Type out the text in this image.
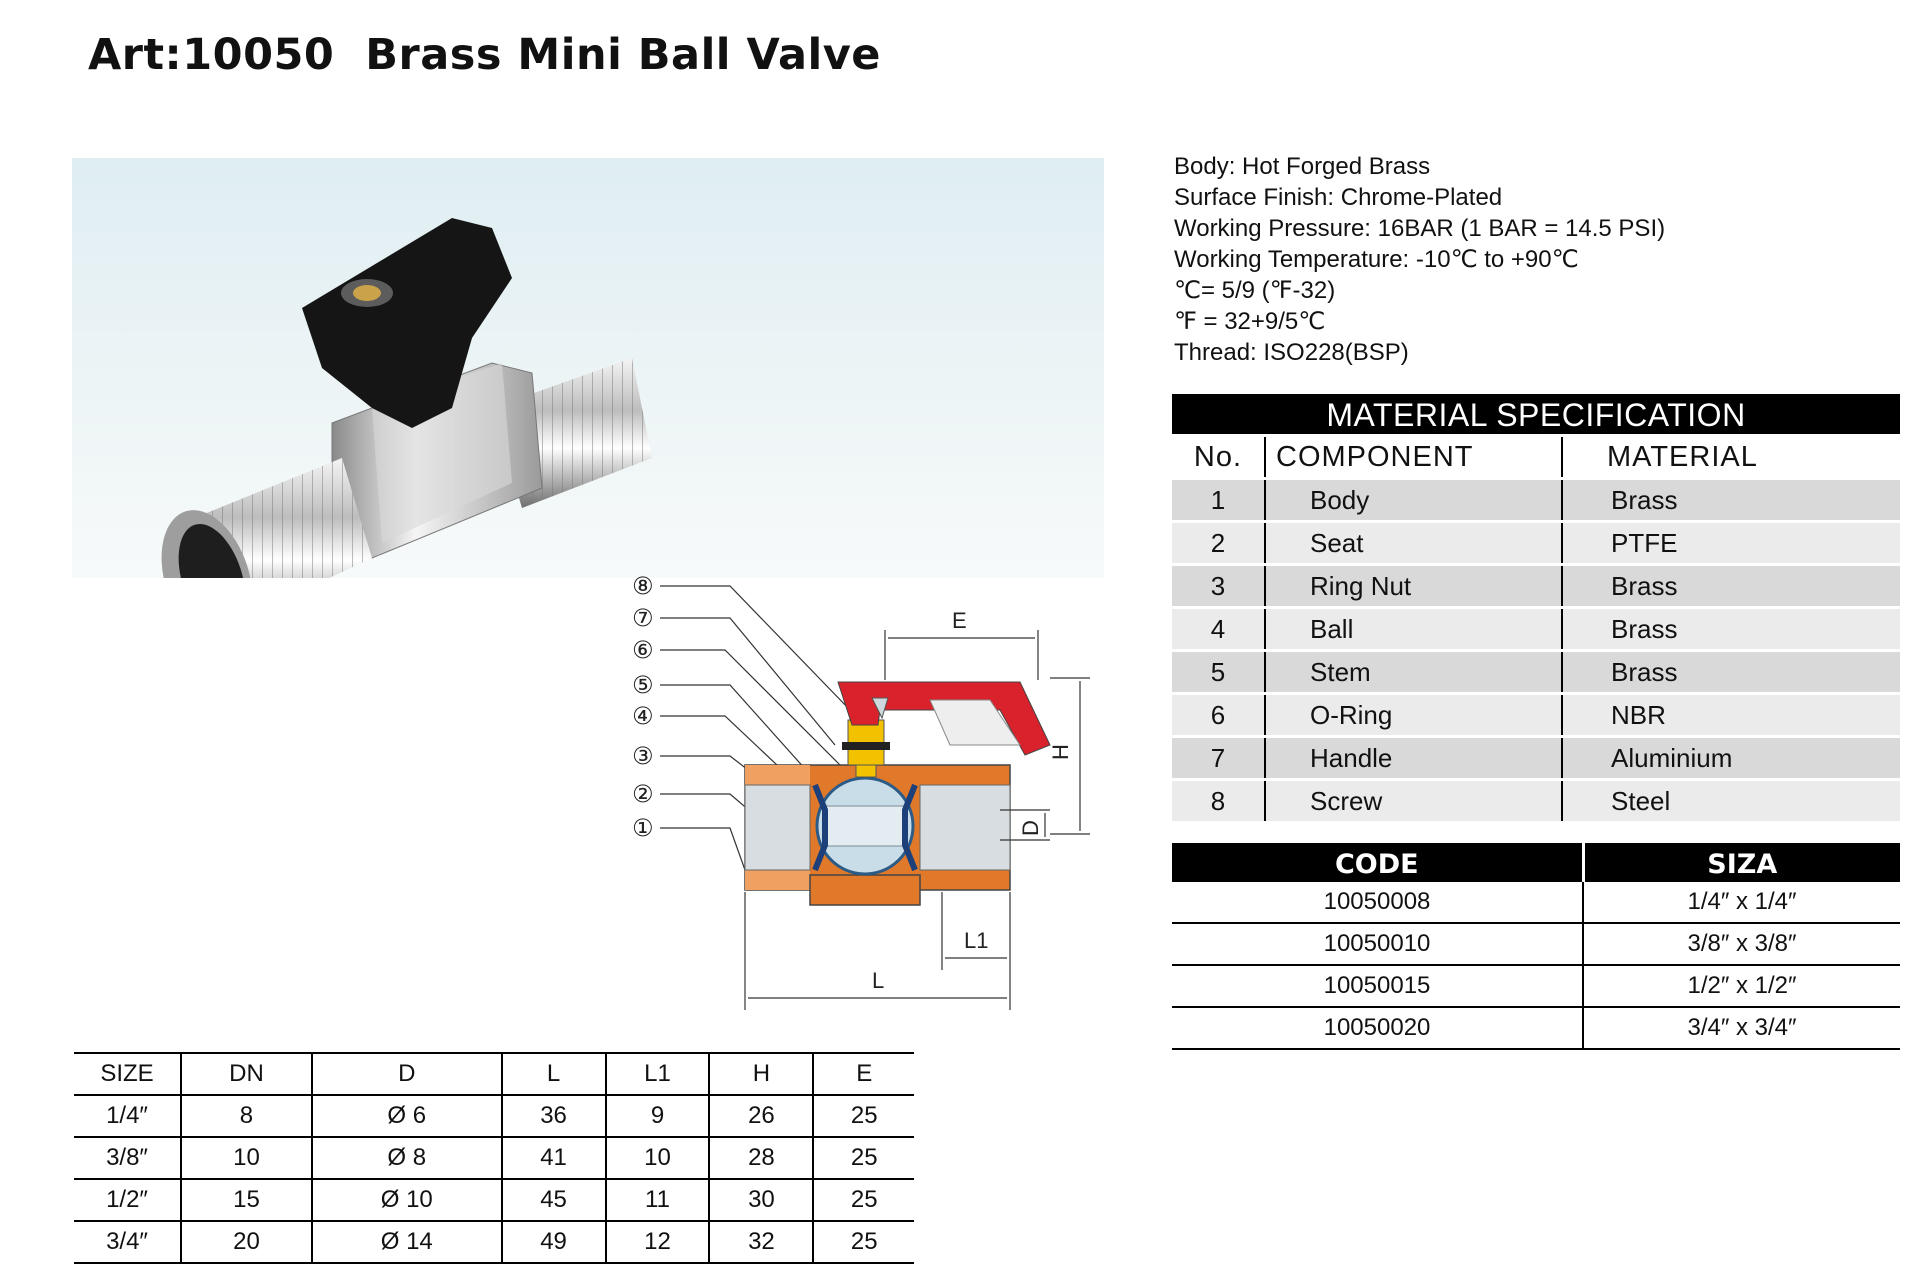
Art:10050  Brass Mini Ball Valve
⑧
⑦
⑥
⑤
④
③
②
①
E
H
D
L1
L
Body: Hot Forged Brass
Surface Finish: Chrome-Plated
Working Pressure: 16BAR (1 BAR = 14.5 PSI)
Working Temperature: -10℃ to +90℃
℃= 5/9 (℉-32)
℉ = 32+9/5℃
Thread: ISO228(BSP)
MATERIAL SPECIFICATION		
No.	COMPONENT	MATERIAL
1	Body	Brass
2	Seat	PTFE
3	Ring Nut	Brass
4	Ball	Brass
5	Stem	Brass
6	O-Ring	NBR
7	Handle	Aluminium
8	Screw	Steel
CODE	SIZA
10050008	1/4″ x 1/4″
10050010	3/8″ x 3/8″
10050015	1/2″ x 1/2″
10050020	3/4″ x 3/4″
SIZE	DN	D	L	L1	H	E
1/4″	8	Ø 6	36	9	26	25
3/8″	10	Ø 8	41	10	28	25
1/2″	15	Ø 10	45	11	30	25
3/4″	20	Ø 14	49	12	32	25
